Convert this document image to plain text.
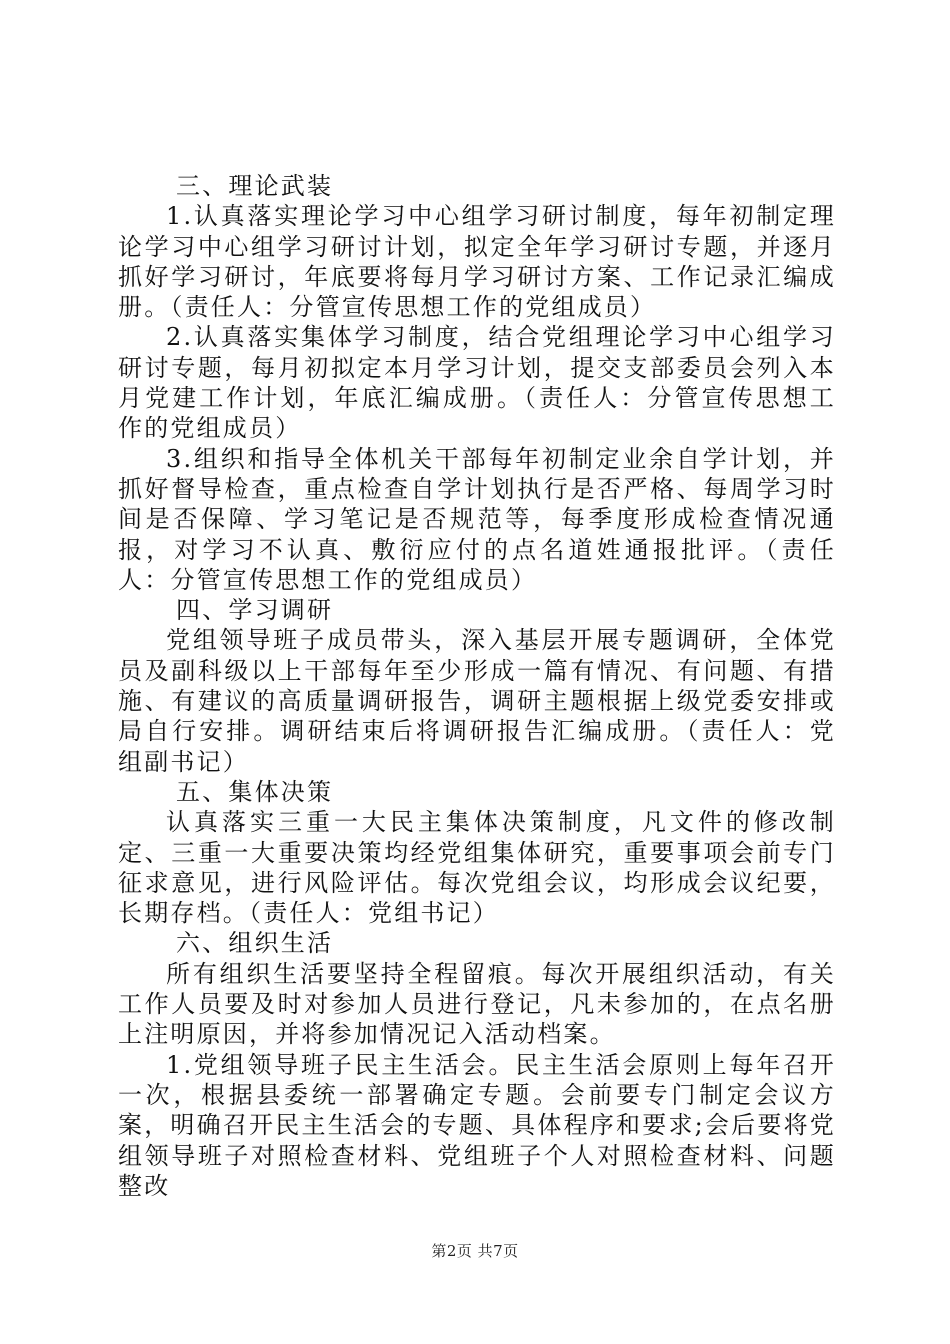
三、理论武装

1.认真落实理论学习中心组学习研讨制度，每年初制定理论学习中心组学习研讨计划，拟定全年学习研讨专题，并逐月抓好学习研讨，年底要将每月学习研讨方案、工作记录汇编成册。（责任人：分管宣传思想工作的党组成员）

2.认真落实集体学习制度，结合党组理论学习中心组学习研讨专题，每月初拟定本月学习计划，提交支部委员会列入本月党建工作计划，年底汇编成册。（责任人：分管宣传思想工作的党组成员）

3.组织和指导全体机关干部每年初制定业余自学计划，并抓好督导检查，重点检查自学计划执行是否严格、每周学习时间是否保障、学习笔记是否规范等，每季度形成检查情况通报，对学习不认真、敷衍应付的点名道姓通报批评。（责任人：分管宣传思想工作的党组成员）

四、学习调研

党组领导班子成员带头，深入基层开展专题调研，全体党员及副科级以上干部每年至少形成一篇有情况、有问题、有措施、有建议的高质量调研报告，调研主题根据上级党委安排或局自行安排。调研结束后将调研报告汇编成册。（责任人：党组副书记）

五、集体决策

认真落实三重一大民主集体决策制度，凡文件的修改制定、三重一大重要决策均经党组集体研究，重要事项会前专门征求意见，进行风险评估。每次党组会议，均形成会议纪要，长期存档。（责任人：党组书记）

六、组织生活

所有组织生活要坚持全程留痕。每次开展组织活动，有关工作人员要及时对参加人员进行登记，凡未参加的，在点名册上注明原因，并将参加情况记入活动档案。

1.党组领导班子民主生活会。民主生活会原则上每年召开一次，根据县委统一部署确定专题。会前要专门制定会议方案，明确召开民主生活会的专题、具体程序和要求;会后要将党组领导班子对照检查材料、党组班子个人对照检查材料、问题整改

第2页 共7页
